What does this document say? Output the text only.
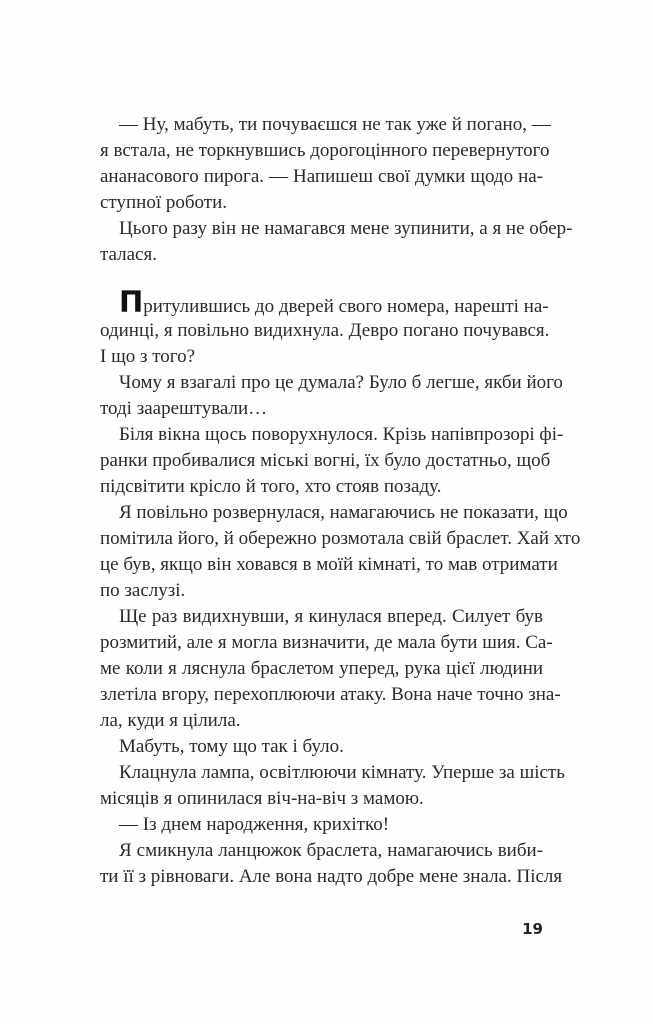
— Ну, мабуть, ти почуваєшся не так уже й погано, —
я встала, не торкнувшись дорогоцінного перевернутого
ананасового пирога. — Напишеш свої думки щодо на-
ступної роботи.
Цього разу він не намагався мене зупинити, а я не обер-
талася.
Притулившись до дверей свого номера, нарешті на-
одинці, я повільно видихнула. Девро погано почувався.
І що з того?
Чому я взагалі про це думала? Було б легше, якби його
тоді заарештували…
Біля вікна щось поворухнулося. Крізь напівпрозорі фі-
ранки пробивалися міські вогні, їх було достатньо, щоб
підсвітити крісло й того, хто стояв позаду.
Я повільно розвернулася, намагаючись не показати, що
помітила його, й обережно розмотала свій браслет. Хай хто
це був, якщо він ховався в моїй кімнаті, то мав отримати
по заслузі.
Ще раз видихнувши, я кинулася вперед. Силует був
розмитий, але я могла визначити, де мала бути шия. Са-
ме коли я ляснула браслетом уперед, рука цієї людини
злетіла вгору, перехоплюючи атаку. Вона наче точно зна-
ла, куди я цілила.
Мабуть, тому що так і було.
Клацнула лампа, освітлюючи кімнату. Уперше за шість
місяців я опинилася віч-на-віч з мамою.
— Із днем народження, крихітко!
Я смикнула ланцюжок браслета, намагаючись виби-
ти її з рівноваги. Але вона надто добре мене знала. Після
19
